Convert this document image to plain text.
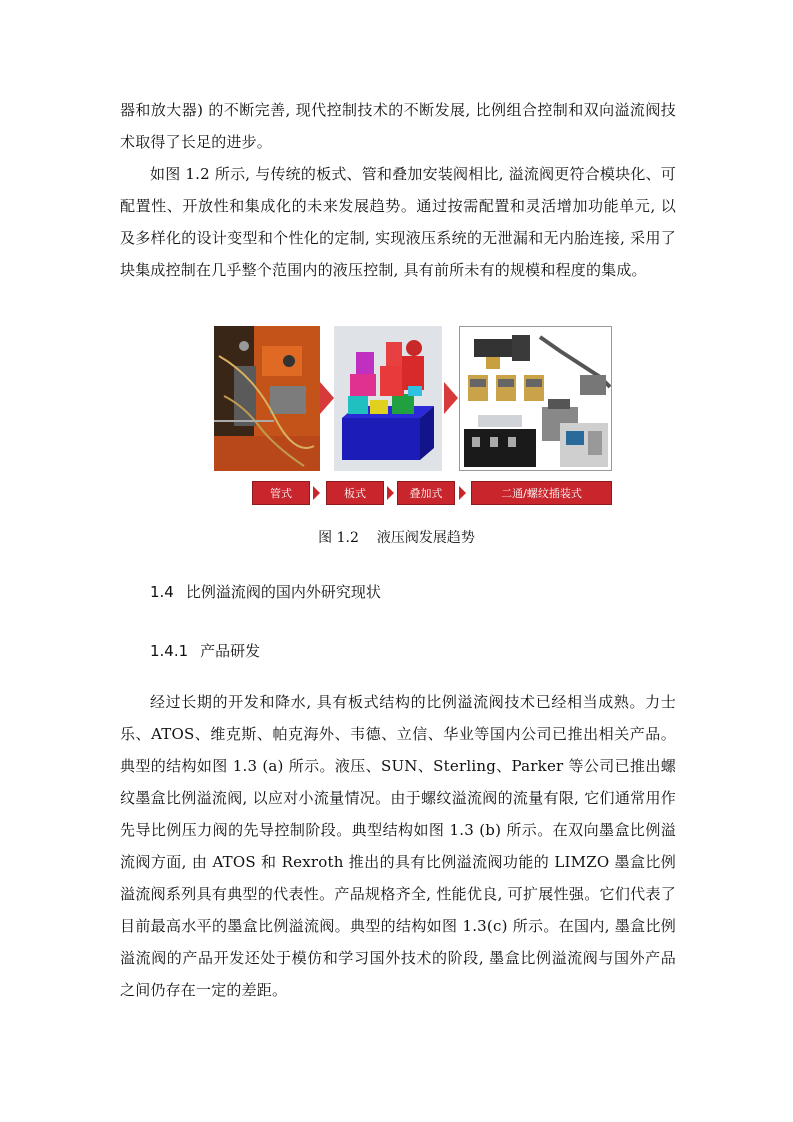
器和放大器) 的不断完善, 现代控制技术的不断发展, 比例组合控制和双向溢流阀技术取得了长足的进步。
如图 1.2 所示, 与传统的板式、管和叠加安装阀相比, 溢流阀更符合模块化、可配置性、开放性和集成化的未来发展趋势。通过按需配置和灵活增加功能单元, 以及多样化的设计变型和个性化的定制, 实现液压系统的无泄漏和无内胎连接, 采用了块集成控制在几乎整个范围内的液压控制, 具有前所未有的规模和程度的集成。
管式	板式	叠加式	二通/螺纹插装式
图 1.2 液压阀发展趋势
1.4 比例溢流阀的国内外研究现状
1.4.1 产品研发
经过长期的开发和降水, 具有板式结构的比例溢流阀技术已经相当成熟。力士乐、ATOS、维克斯、帕克海外、韦德、立信、华业等国内公司已推出相关产品。典型的结构如图 1.3 (a) 所示。液压、SUN、Sterling、Parker 等公司已推出螺纹墨盒比例溢流阀, 以应对小流量情况。由于螺纹溢流阀的流量有限, 它们通常用作先导比例压力阀的先导控制阶段。典型结构如图 1.3 (b) 所示。在双向墨盒比例溢流阀方面, 由 ATOS 和 Rexroth 推出的具有比例溢流阀功能的 LIMZO 墨盒比例溢流阀系列具有典型的代表性。产品规格齐全, 性能优良, 可扩展性强。它们代表了目前最高水平的墨盒比例溢流阀。典型的结构如图 1.3(c) 所示。在国内, 墨盒比例溢流阀的产品开发还处于模仿和学习国外技术的阶段, 墨盒比例溢流阀与国外产品之间仍存在一定的差距。
